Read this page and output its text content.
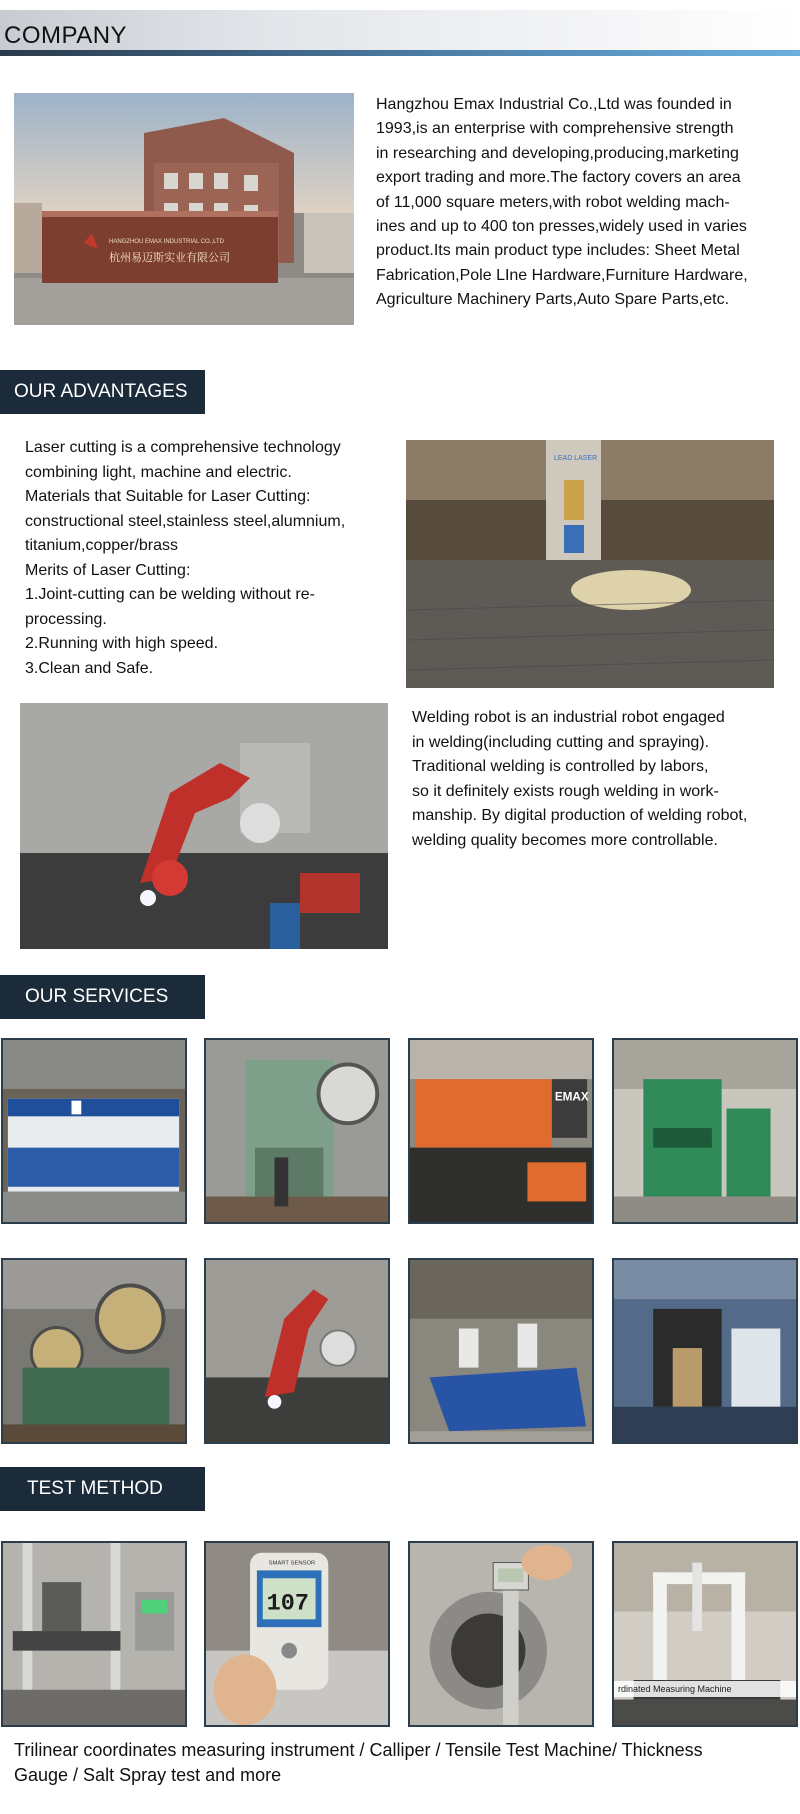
COMPANY
HANGZHOU EMAX INDUSTRIAL CO.,LTD
杭州易迈斯实业有限公司
Hangzhou Emax Industrial Co.,Ltd was founded in
1993,is an enterprise with comprehensive strength
in researching and developing,producing,marketing
export trading and more.The factory covers an area
of 11,000 square meters,with robot welding mach-
ines and up to 400 ton presses,widely used in varies
product.Its main product type includes: Sheet Metal
Fabrication,Pole LIne Hardware,Furniture Hardware,
Agriculture Machinery Parts,Auto Spare Parts,etc.
OUR ADVANTAGES
Laser cutting is a comprehensive technology
combining light, machine and electric.
Materials that Suitable for Laser Cutting:
constructional steel,stainless steel,alumnium,
titanium,copper/brass
Merits of Laser Cutting:
1.Joint-cutting can be welding without re-
processing.
2.Running with high speed.
3.Clean and Safe.
LEAD LASER
Welding robot is an industrial robot engaged
in welding(including cutting and spraying).
Traditional welding is controlled by labors,
so it definitely exists rough welding in work-
manship. By digital production of welding robot,
welding quality becomes more controllable.
OUR SERVICES
EMAX
TEST METHOD
107
SMART SENSOR
rdinated Measuring Machine
Trilinear coordinates measuring instrument / Calliper / Tensile Test Machine/ Thickness
Gauge / Salt Spray test and more
